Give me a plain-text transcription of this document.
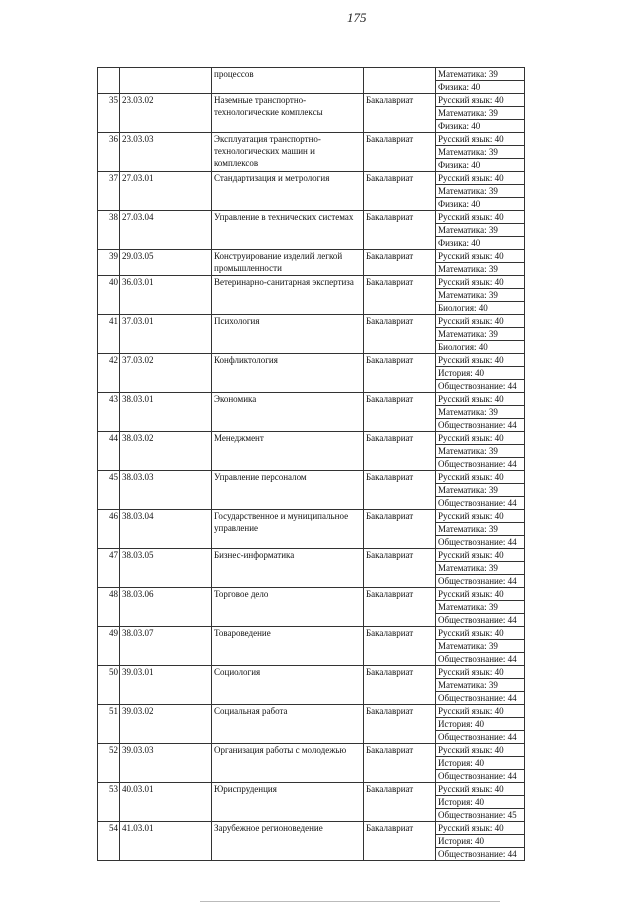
175
		процессов		Математика: 39
				Физика: 40
35	23.03.02	Наземные транспортно-технологические комплексы	Бакалавриат	Русский язык: 40
				Математика: 39
				Физика: 40
36	23.03.03	Эксплуатация транспортно-технологических машин и комплексов	Бакалавриат	Русский язык: 40
				Математика: 39
				Физика: 40
37	27.03.01	Стандартизация и метрология	Бакалавриат	Русский язык: 40
				Математика: 39
				Физика: 40
38	27.03.04	Управление в технических системах	Бакалавриат	Русский язык: 40
				Математика: 39
				Физика: 40
39	29.03.05	Конструирование изделий легкой промышленности	Бакалавриат	Русский язык: 40
				Математика: 39
40	36.03.01	Ветеринарно-санитарная экспертиза	Бакалавриат	Русский язык: 40
				Математика: 39
				Биология: 40
41	37.03.01	Психология	Бакалавриат	Русский язык: 40
				Математика: 39
				Биология: 40
42	37.03.02	Конфликтология	Бакалавриат	Русский язык: 40
				История: 40
				Обществознание: 44
43	38.03.01	Экономика	Бакалавриат	Русский язык: 40
				Математика: 39
				Обществознание: 44
44	38.03.02	Менеджмент	Бакалавриат	Русский язык: 40
				Математика: 39
				Обществознание: 44
45	38.03.03	Управление персоналом	Бакалавриат	Русский язык: 40
				Математика: 39
				Обществознание: 44
46	38.03.04	Государственное и муниципальное управление	Бакалавриат	Русский язык: 40
				Математика: 39
				Обществознание: 44
47	38.03.05	Бизнес-информатика	Бакалавриат	Русский язык: 40
				Математика: 39
				Обществознание: 44
48	38.03.06	Торговое дело	Бакалавриат	Русский язык: 40
				Математика: 39
				Обществознание: 44
49	38.03.07	Товароведение	Бакалавриат	Русский язык: 40
				Математика: 39
				Обществознание: 44
50	39.03.01	Социология	Бакалавриат	Русский язык: 40
				Математика: 39
				Обществознание: 44
51	39.03.02	Социальная работа	Бакалавриат	Русский язык: 40
				История: 40
				Обществознание: 44
52	39.03.03	Организация работы с молодежью	Бакалавриат	Русский язык: 40
				История: 40
				Обществознание: 44
53	40.03.01	Юриспруденция	Бакалавриат	Русский язык: 40
				История: 40
				Обществознание: 45
54	41.03.01	Зарубежное регионоведение	Бакалавриат	Русский язык: 40
				История: 40
				Обществознание: 44
